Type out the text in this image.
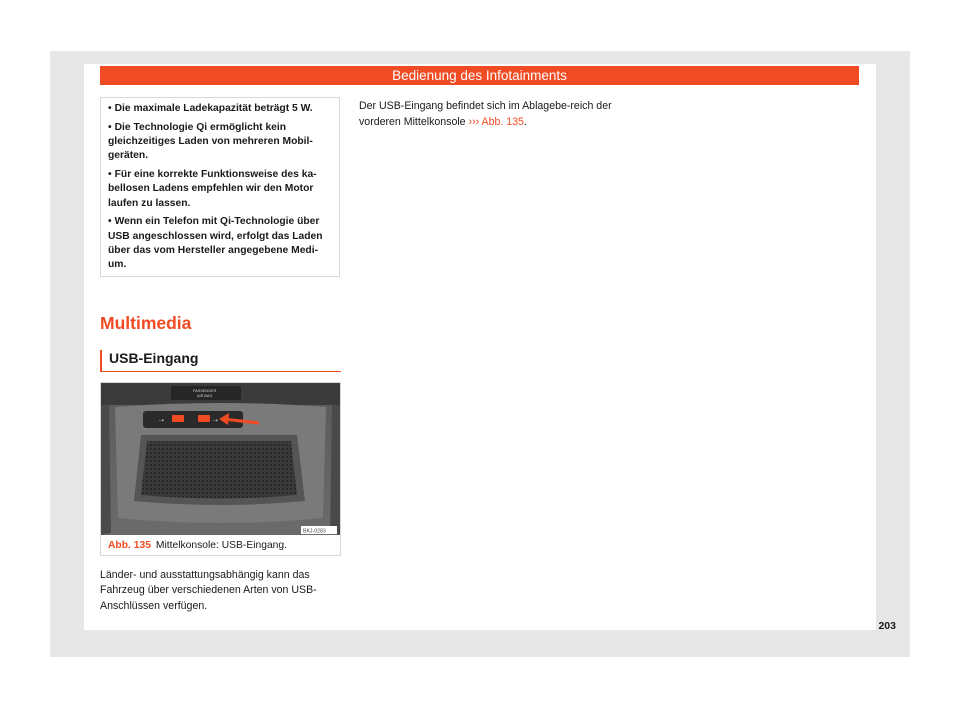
Bedienung des Infotainments

• Die maximale Ladekapazität beträgt 5 W.

• Die Technologie Qi ermöglicht kein gleichzeitiges Laden von mehreren Mobil-geräten.

• Für eine korrekte Funktionsweise des ka-bellosen Ladens empfehlen wir den Motor laufen zu lassen.

• Wenn ein Telefon mit Qi-Technologie über USB angeschlossen wird, erfolgt das Laden über das vom Hersteller angegebene Medi-um.

Multimedia
USB-Eingang
PASSENGER
AIR BAG
⇢	⇢
BKJ-0283
Abb. 135 Mittelkonsole: USB-Eingang.
Länder- und ausstattungsabhängig kann das Fahrzeug über verschiedenen Arten von USB-Anschlüssen verfügen.
Der USB-Eingang befindet sich im Ablagebe-reich der vorderen Mittelkonsole ››› Abb. 135.
203
